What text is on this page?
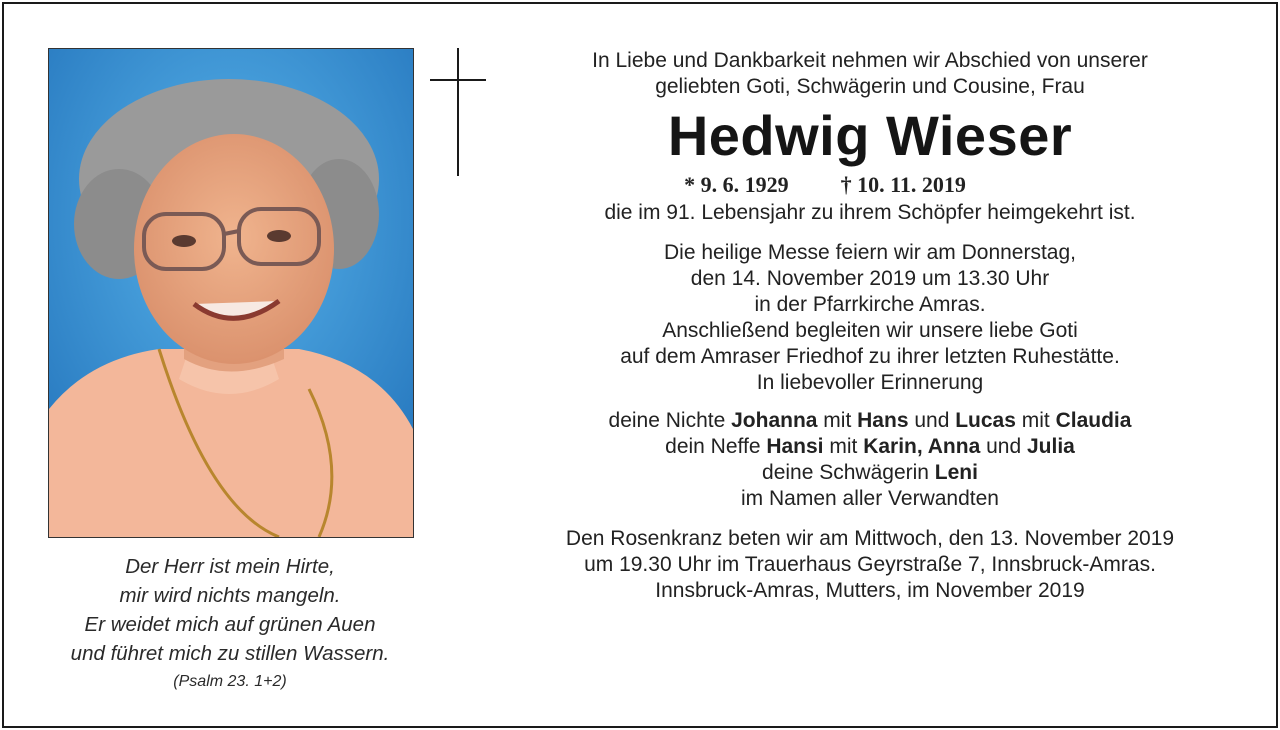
Der Herr ist mein Hirte,
mir wird nichts mangeln.
Er weidet mich auf grünen Auen
und führet mich zu stillen Wassern.
(Psalm 23. 1+2)

In Liebe und Dankbarkeit nehmen wir Abschied von unserer

geliebten Goti, Schwägerin und Cousine, Frau

Hedwig Wieser
* 9. 6. 1929 † 10. 11. 2019

die im 91. Lebensjahr zu ihrem Schöpfer heimgekehrt ist.

Die heilige Messe feiern wir am Donnerstag,

den 14. November 2019 um 13.30 Uhr

in der Pfarrkirche Amras.

Anschließend begleiten wir unsere liebe Goti

auf dem Amraser Friedhof zu ihrer letzten Ruhestätte.

In liebevoller Erinnerung

deine Nichte Johanna mit Hans und Lucas mit Claudia

dein Neffe Hansi mit Karin, Anna und Julia

deine Schwägerin Leni

im Namen aller Verwandten

Den Rosenkranz beten wir am Mittwoch, den 13. November 2019

um 19.30 Uhr im Trauerhaus Geyrstraße 7, Innsbruck-Amras.

Innsbruck-Amras, Mutters, im November 2019
